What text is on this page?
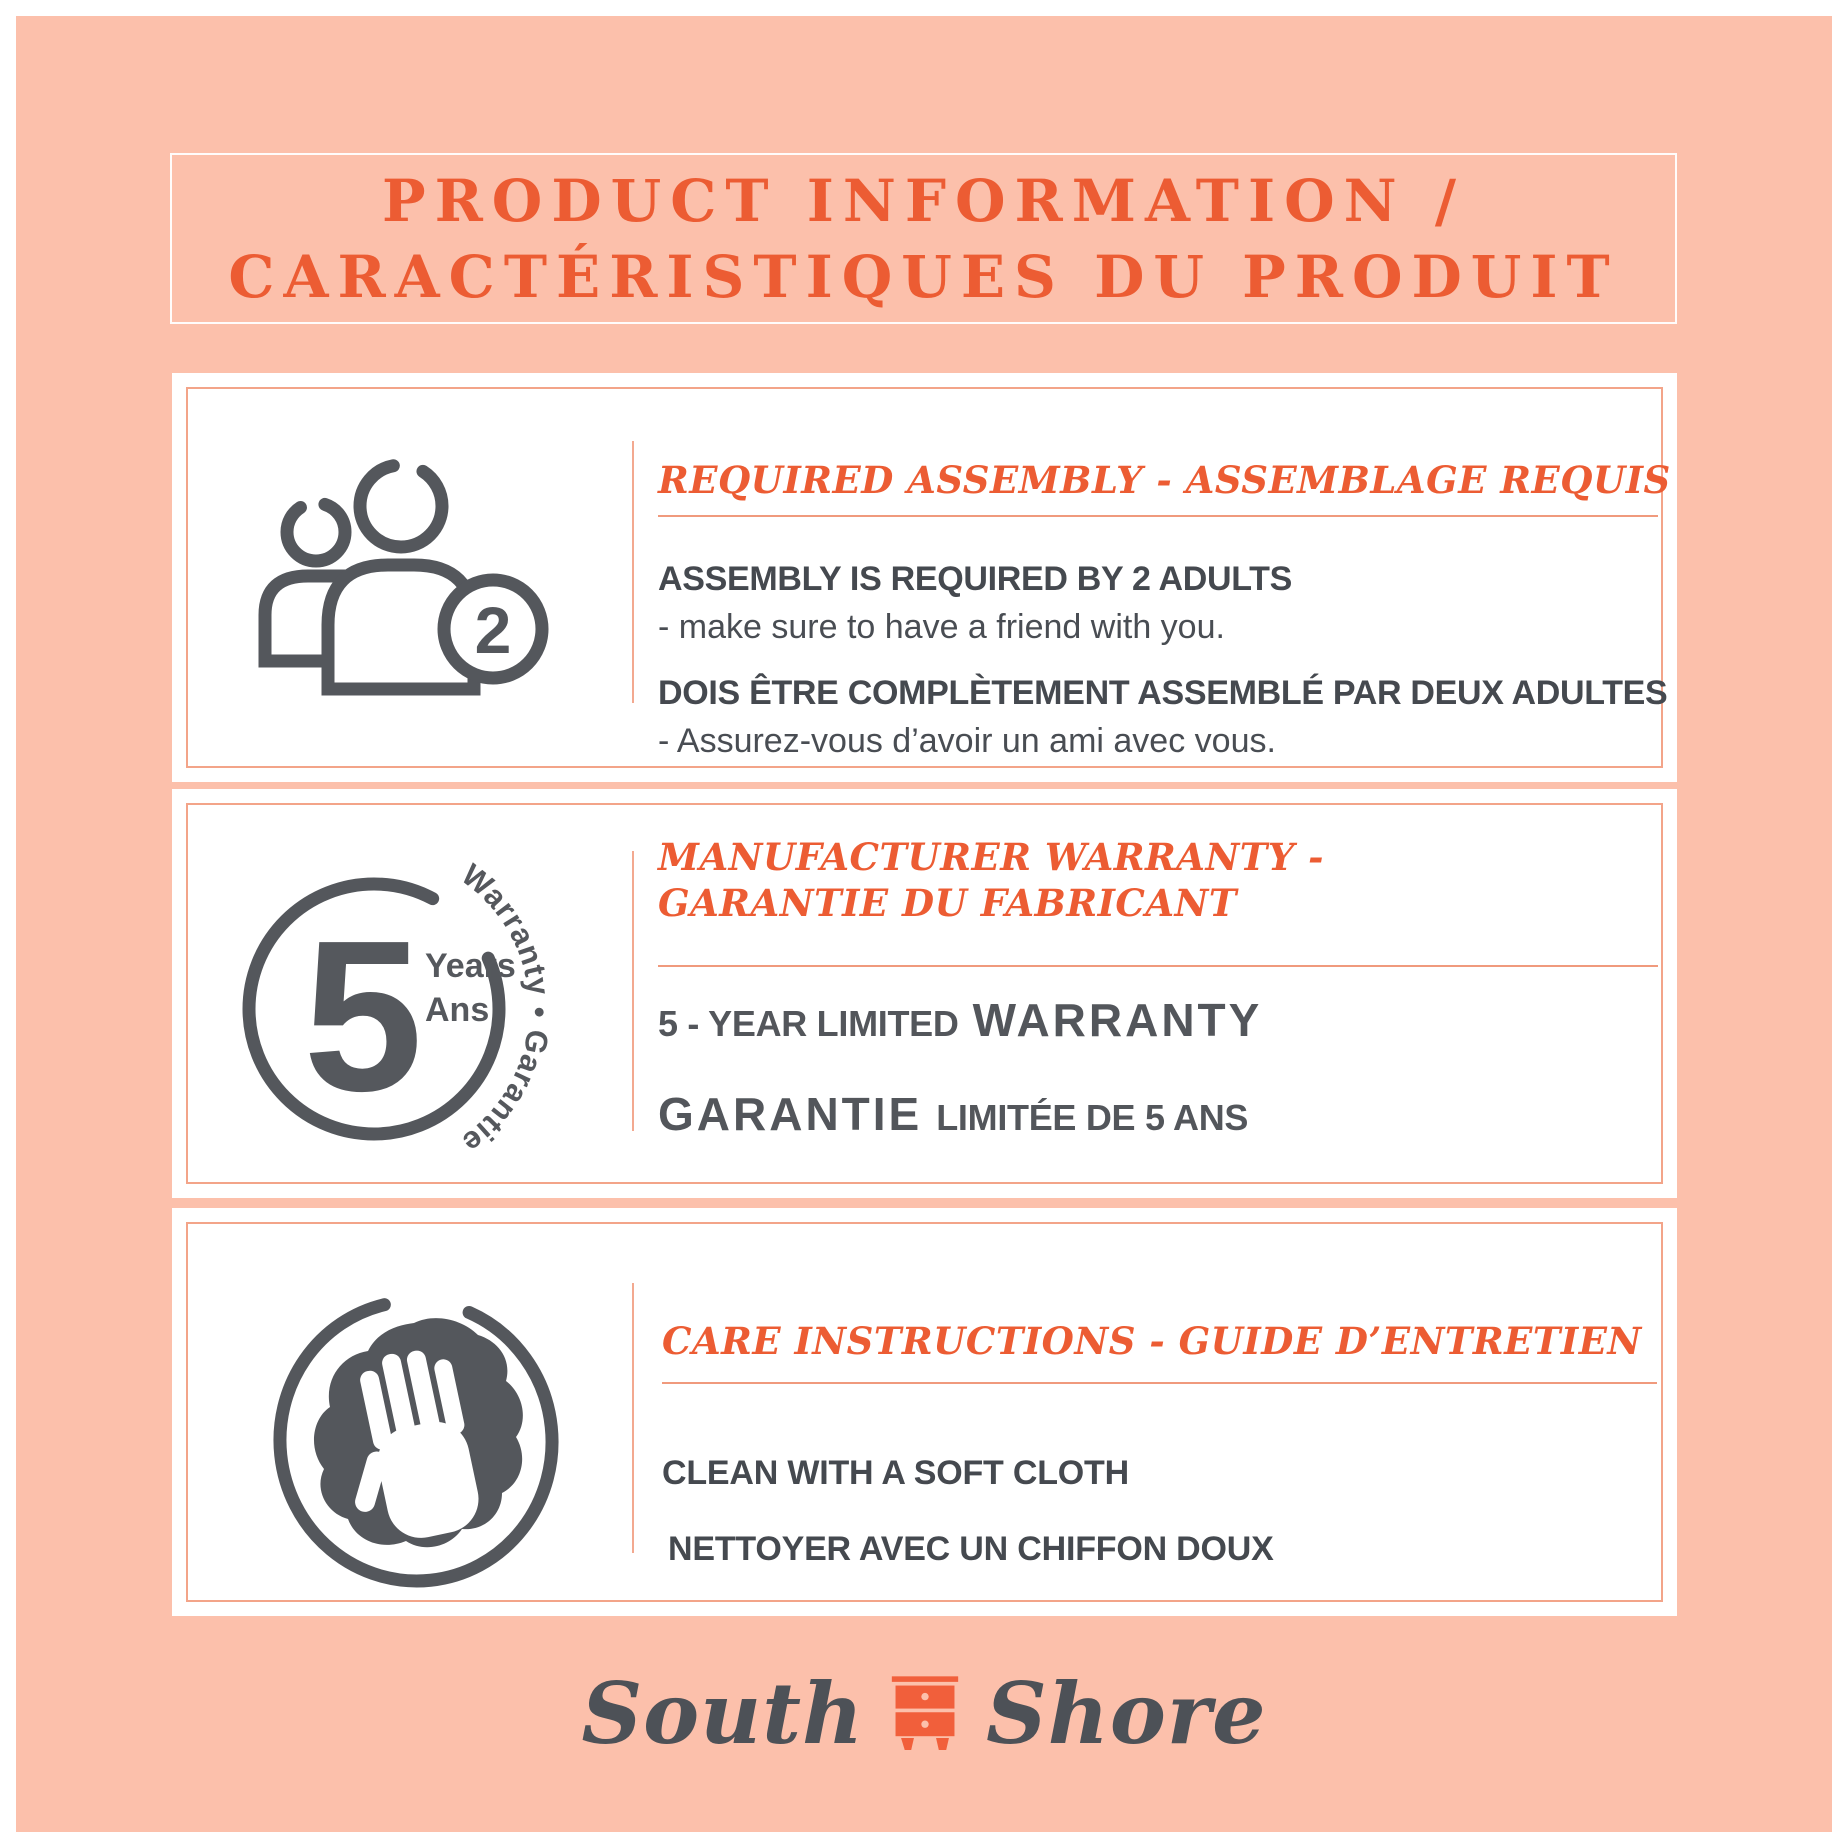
PRODUCT INFORMATION /
CARACTÉRISTIQUES DU PRODUIT
2
REQUIRED ASSEMBLY - ASSEMBLAGE REQUIS
ASSEMBLY IS REQUIRED BY 2 ADULTS
- make sure to have a friend with you.
DOIS ÊTRE COMPLÈTEMENT ASSEMBLÉ PAR DEUX ADULTES
- Assurez-vous d’avoir un ami avec vous.
Warranty • Garantie
5 Years
Ans
MANUFACTURER WARRANTY -
GARANTIE DU FABRICANT
5 - YEAR LIMITED WARRANTY
GARANTIE LIMITÉE DE 5 ANS
CARE INSTRUCTIONS - GUIDE D’ENTRETIEN
CLEAN WITH A SOFT CLOTH
NETTOYER AVEC UN CHIFFON DOUX
South Shore
